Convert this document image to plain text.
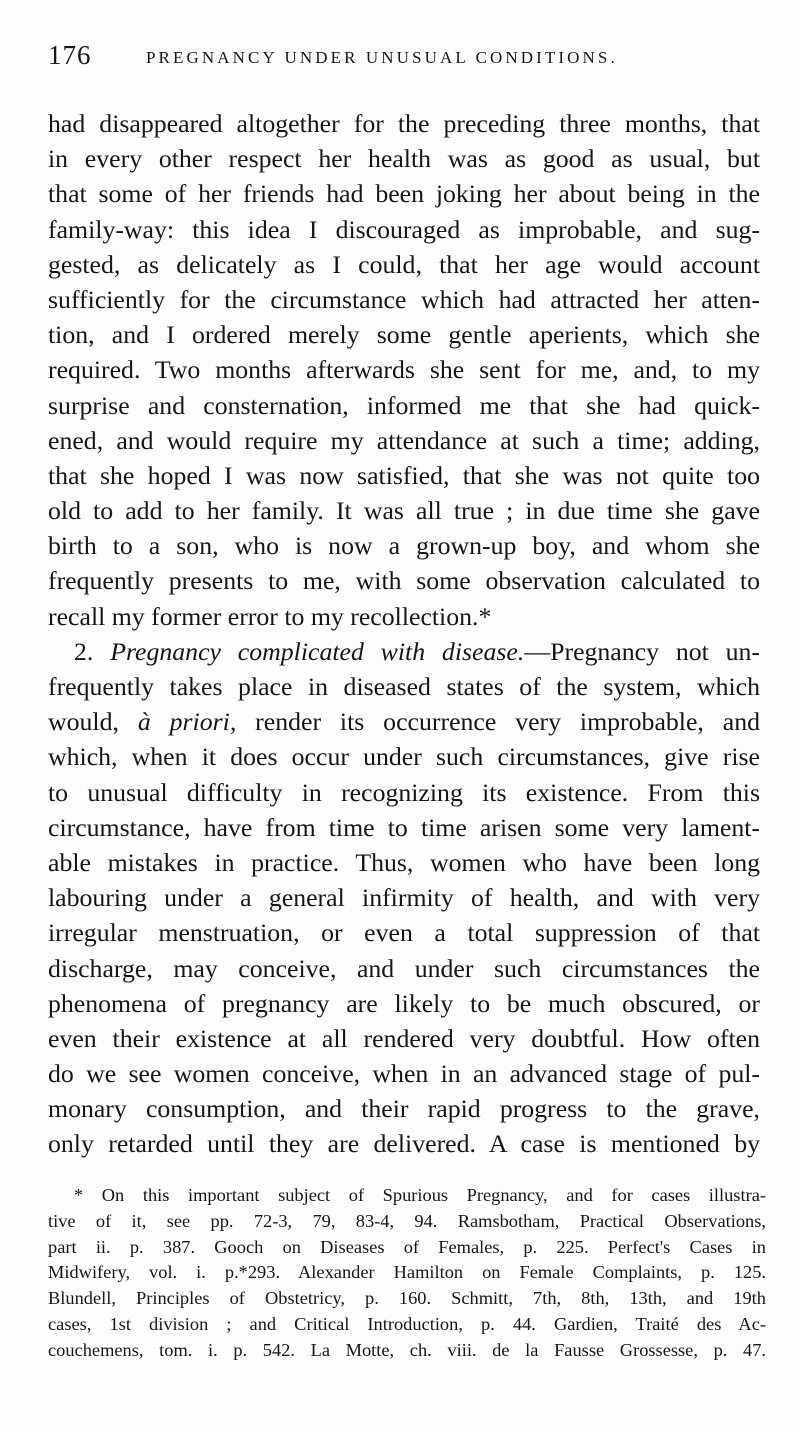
176	PREGNANCY UNDER UNUSUAL CONDITIONS.
had disappeared altogether for the preceding three months, that
in every other respect her health was as good as usual, but
that some of her friends had been joking her about being in the
family-way: this idea I discouraged as improbable, and sug-
gested, as delicately as I could, that her age would account
sufficiently for the circumstance which had attracted her atten-
tion, and I ordered merely some gentle aperients, which she
required. Two months afterwards she sent for me, and, to my
surprise and consternation, informed me that she had quick-
ened, and would require my attendance at such a time; adding,
that she hoped I was now satisfied, that she was not quite too
old to add to her family. It was all true ; in due time she gave
birth to a son, who is now a grown-up boy, and whom she
frequently presents to me, with some observation calculated to
recall my former error to my recollection.*
2. Pregnancy complicated with disease.—Pregnancy not un-
frequently takes place in diseased states of the system, which
would, à priori, render its occurrence very improbable, and
which, when it does occur under such circumstances, give rise
to unusual difficulty in recognizing its existence. From this
circumstance, have from time to time arisen some very lament-
able mistakes in practice. Thus, women who have been long
labouring under a general infirmity of health, and with very
irregular menstruation, or even a total suppression of that
discharge, may conceive, and under such circumstances the
phenomena of pregnancy are likely to be much obscured, or
even their existence at all rendered very doubtful. How often
do we see women conceive, when in an advanced stage of pul-
monary consumption, and their rapid progress to the grave,
only retarded until they are delivered. A case is mentioned by
* On this important subject of Spurious Pregnancy, and for cases illustra-
tive of it, see pp. 72-3, 79, 83-4, 94. Ramsbotham, Practical Observations,
part ii. p. 387. Gooch on Diseases of Females, p. 225. Perfect's Cases in
Midwifery, vol. i. p.*293. Alexander Hamilton on Female Complaints, p. 125.
Blundell, Principles of Obstetricy, p. 160. Schmitt, 7th, 8th, 13th, and 19th
cases, 1st division ; and Critical Introduction, p. 44. Gardien, Traité des Ac-
couchemens, tom. i. p. 542. La Motte, ch. viii. de la Fausse Grossesse, p. 47.
